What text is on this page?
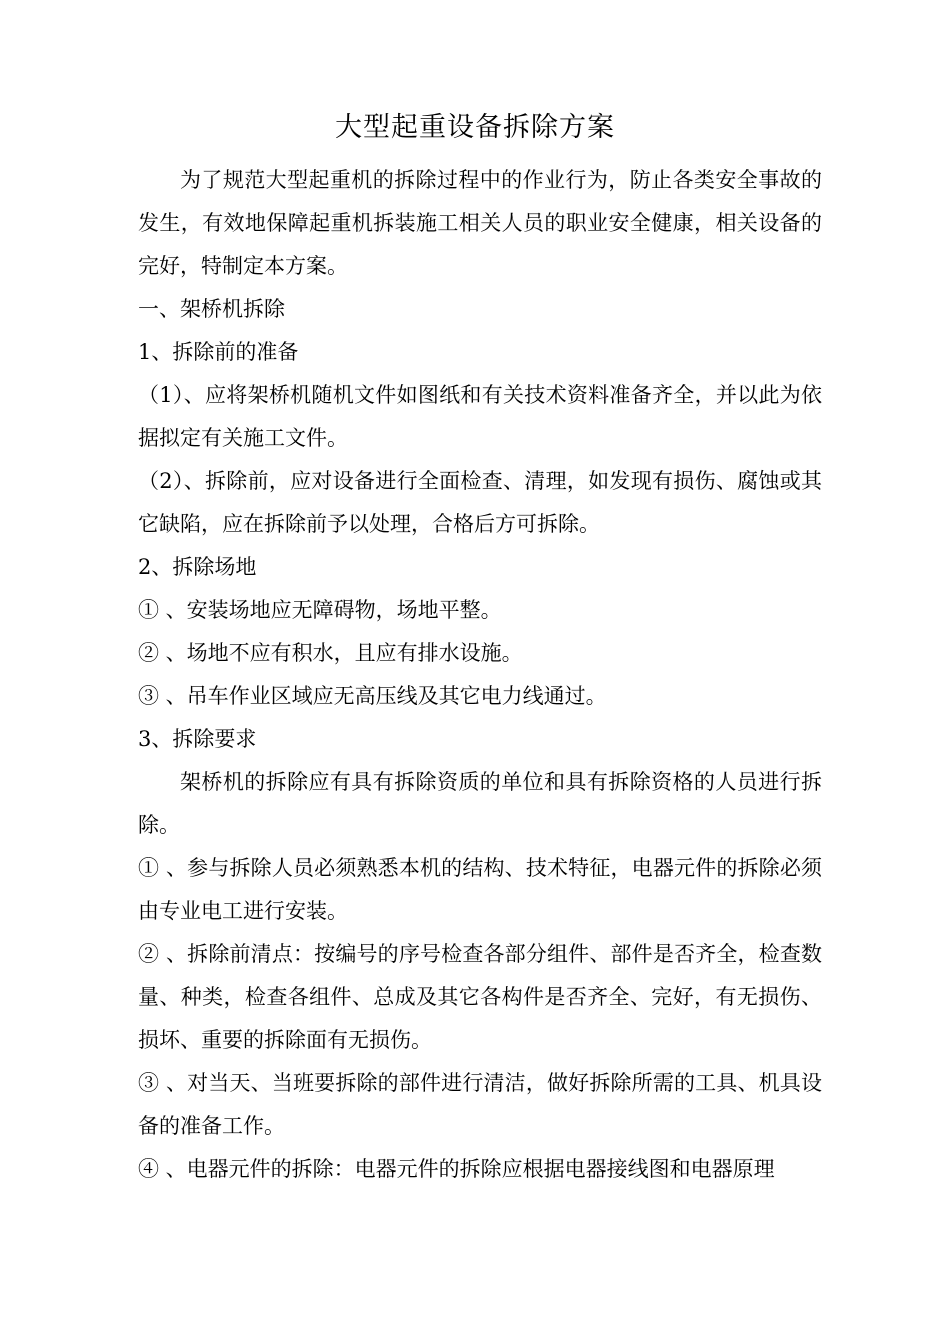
大型起重设备拆除方案

为了规范大型起重机的拆除过程中的作业行为，防止各类安全事故的发生，有效地保障起重机拆装施工相关人员的职业安全健康，相关设备的完好，特制定本方案。

一、架桥机拆除

1、拆除前的准备

（1）、应将架桥机随机文件如图纸和有关技术资料准备齐全，并以此为依据拟定有关施工文件。

（2）、拆除前，应对设备进行全面检查、清理，如发现有损伤、腐蚀或其它缺陷，应在拆除前予以处理，合格后方可拆除。

2、拆除场地

① 、安装场地应无障碍物，场地平整。

② 、场地不应有积水，且应有排水设施。

③ 、吊车作业区域应无高压线及其它电力线通过。

3、拆除要求

架桥机的拆除应有具有拆除资质的单位和具有拆除资格的人员进行拆除。

① 、参与拆除人员必须熟悉本机的结构、技术特征，电器元件的拆除必须由专业电工进行安装。

② 、拆除前清点：按编号的序号检查各部分组件、部件是否齐全，检查数量、种类，检查各组件、总成及其它各构件是否齐全、完好，有无损伤、损坏、重要的拆除面有无损伤。

③ 、对当天、当班要拆除的部件进行清洁，做好拆除所需的工具、机具设备的准备工作。

④ 、电器元件的拆除：电器元件的拆除应根据电器接线图和电器原理
